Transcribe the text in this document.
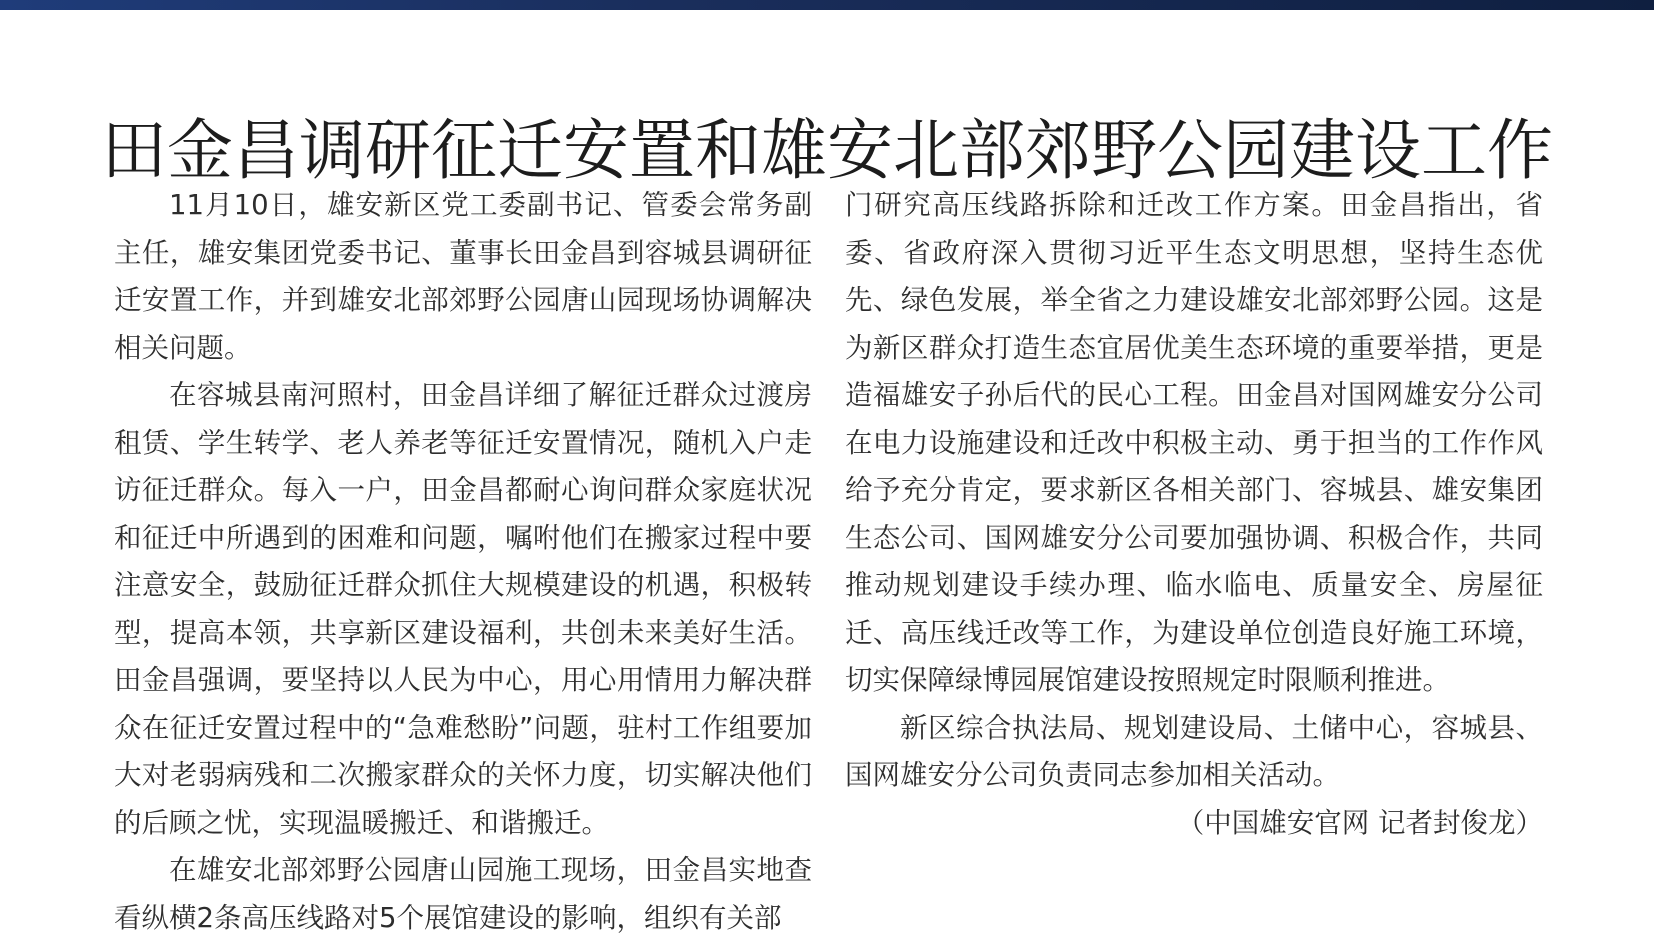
田金昌调研征迁安置和雄安北部郊野公园建设工作

11月10日，雄安新区党工委副书记、管委会常务副主任，雄安集团党委书记、董事长田金昌到容城县调研征迁安置工作，并到雄安北部郊野公园唐山园现场协调解决相关问题。

在容城县南河照村，田金昌详细了解征迁群众过渡房租赁、学生转学、老人养老等征迁安置情况，随机入户走访征迁群众。每入一户，田金昌都耐心询问群众家庭状况和征迁中所遇到的困难和问题，嘱咐他们在搬家过程中要注意安全，鼓励征迁群众抓住大规模建设的机遇，积极转型，提高本领，共享新区建设福利，共创未来美好生活。田金昌强调，要坚持以人民为中心，用心用情用力解决群众在征迁安置过程中的“急难愁盼”问题，驻村工作组要加大对老弱病残和二次搬家群众的关怀力度，切实解决他们的后顾之忧，实现温暖搬迁、和谐搬迁。

在雄安北部郊野公园唐山园施工现场，田金昌实地查看纵横2条高压线路对5个展馆建设的影响，组织有关部

门研究高压线路拆除和迁改工作方案。田金昌指出，省委、省政府深入贯彻习近平生态文明思想，坚持生态优先、绿色发展，举全省之力建设雄安北部郊野公园。这是为新区群众打造生态宜居优美生态环境的重要举措，更是造福雄安子孙后代的民心工程。田金昌对国网雄安分公司在电力设施建设和迁改中积极主动、勇于担当的工作作风给予充分肯定，要求新区各相关部门、容城县、雄安集团生态公司、国网雄安分公司要加强协调、积极合作，共同推动规划建设手续办理、临水临电、质量安全、房屋征迁、高压线迁改等工作，为建设单位创造良好施工环境，切实保障绿博园展馆建设按照规定时限顺利推进。

新区综合执法局、规划建设局、土储中心，容城县、国网雄安分公司负责同志参加相关活动。

（中国雄安官网 记者封俊龙）
